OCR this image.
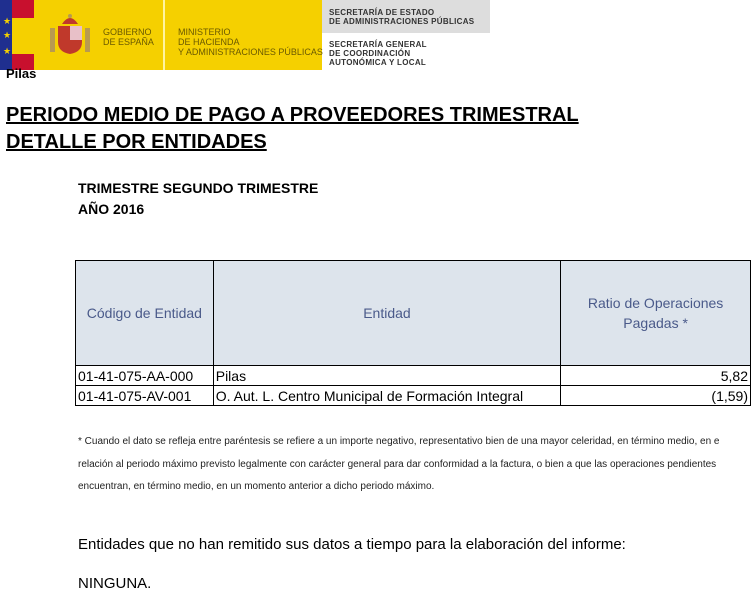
★
★
★
GOBIERNO
DE ESPAÑA
MINISTERIO
DE HACIENDA
Y ADMINISTRACIONES PÚBLICAS
SECRETARÍA DE ESTADO
DE ADMINISTRACIONES PÚBLICAS
SECRETARÍA GENERAL
DE COORDINACIÓN
AUTONÓMICA Y LOCAL
Pilas
PERIODO MEDIO DE PAGO A PROVEEDORES TRIMESTRAL
DETALLE POR ENTIDADES
TRIMESTRE SEGUNDO TRIMESTRE
AÑO 2016
Código de Entidad	Entidad	Ratio de Operaciones Pagadas *
01-41-075-AA-000	Pilas	5,82
01-41-075-AV-001	O. Aut. L. Centro Municipal de Formación Integral	(1,59)
* Cuando el dato se refleja entre paréntesis se refiere a un importe negativo, representativo bien de una mayor celeridad, en término medio, en e
relación al periodo máximo previsto legalmente con carácter general para dar conformidad a la factura, o bien a que las operaciones pendientes
encuentran, en término medio, en un momento anterior a dicho periodo máximo.
Entidades que no han remitido sus datos a tiempo para la elaboración del informe:
NINGUNA.
